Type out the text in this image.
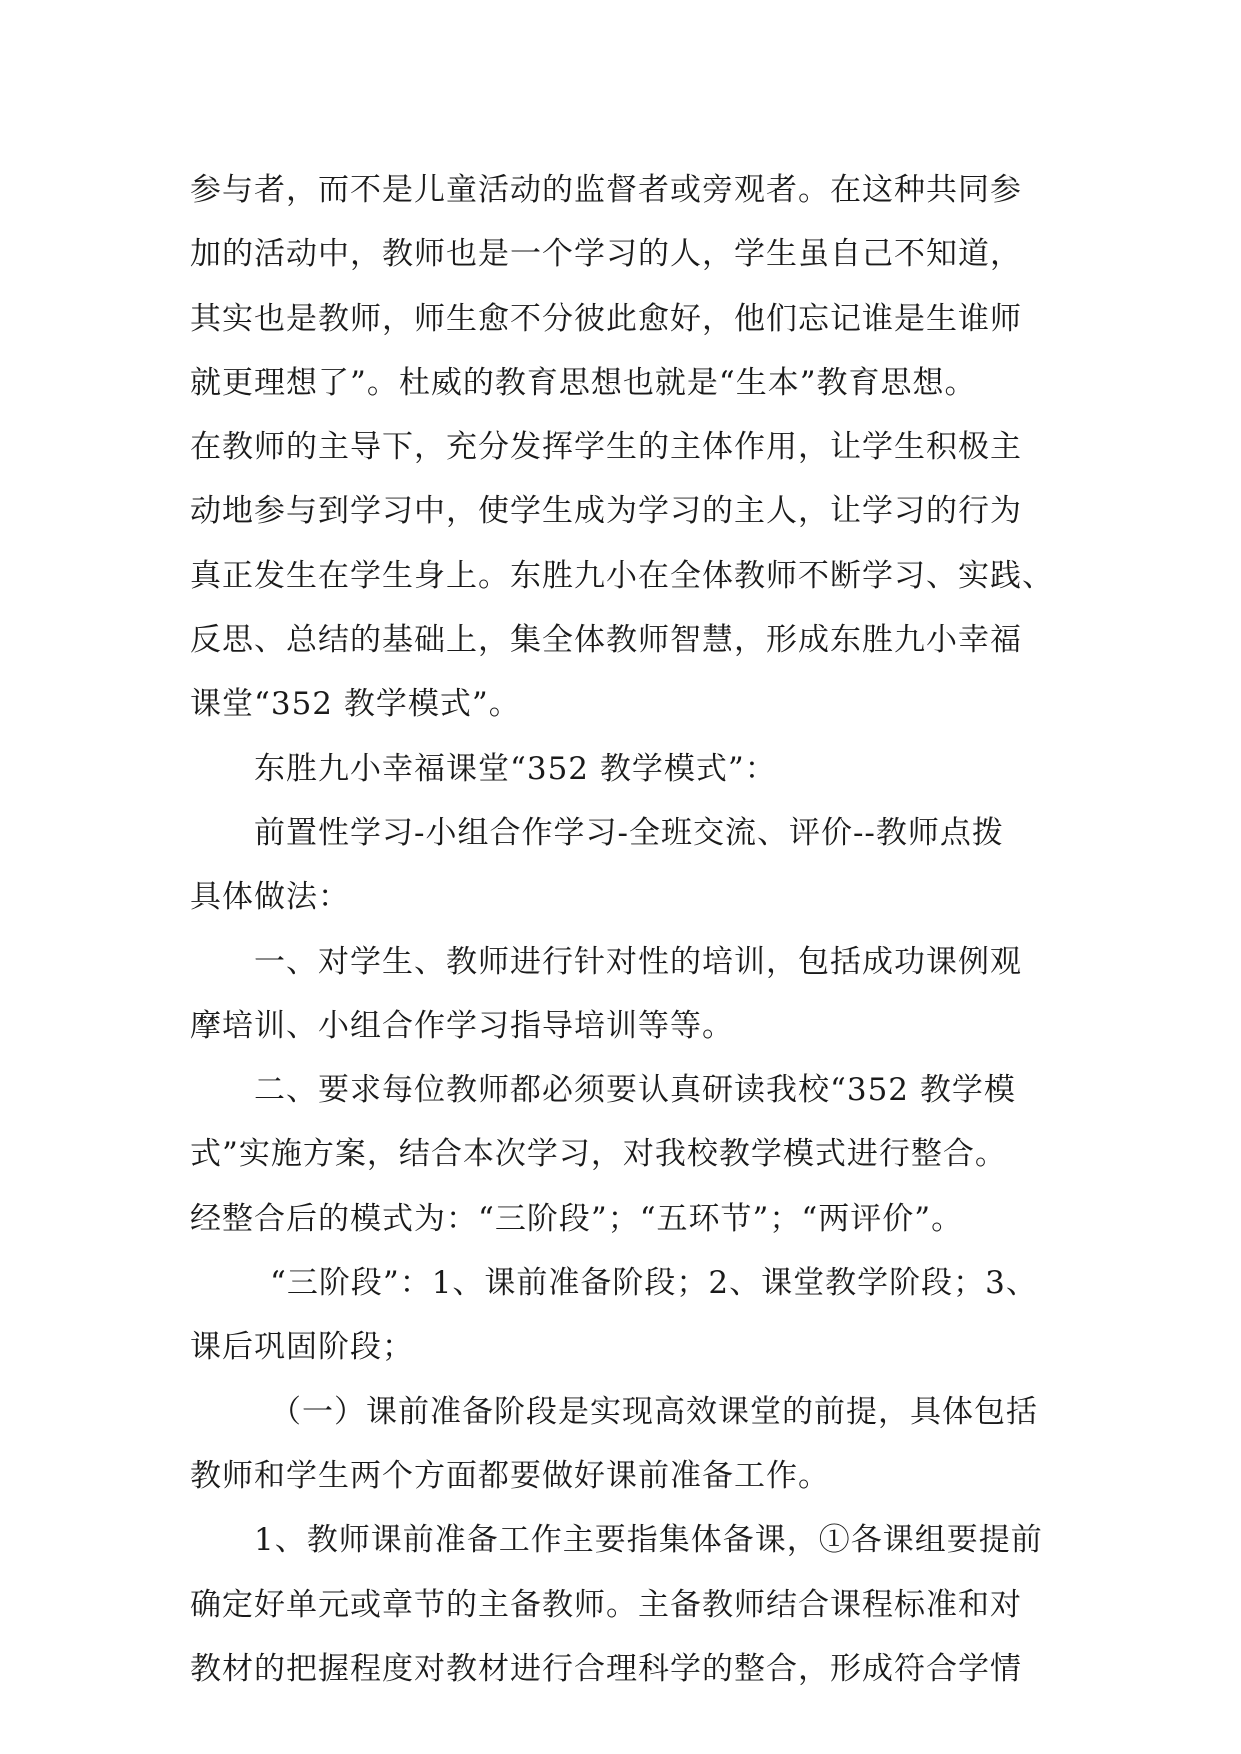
参与者，而不是儿童活动的监督者或旁观者。在这种共同参
加的活动中，教师也是一个学习的人，学生虽自己不知道，
其实也是教师，师生愈不分彼此愈好，他们忘记谁是生谁师
就更理想了”。杜威的教育思想也就是“生本”教育思想。
在教师的主导下，充分发挥学生的主体作用，让学生积极主
动地参与到学习中，使学生成为学习的主人，让学习的行为
真正发生在学生身上。东胜九小在全体教师不断学习、实践、
反思、总结的基础上，集全体教师智慧，形成东胜九小幸福
课堂“352 教学模式”。
东胜九小幸福课堂“352 教学模式”：
前置性学习-小组合作学习-全班交流、评价--教师点拨
具体做法：
一、对学生、教师进行针对性的培训，包括成功课例观
摩培训、小组合作学习指导培训等等。
二、要求每位教师都必须要认真研读我校“352 教学模
式”实施方案，结合本次学习，对我校教学模式进行整合。
经整合后的模式为：“三阶段”；“五环节”；“两评价”。
“三阶段”：1、课前准备阶段；2、课堂教学阶段；3、
课后巩固阶段；
（一）课前准备阶段是实现高效课堂的前提，具体包括
教师和学生两个方面都要做好课前准备工作。
1、教师课前准备工作主要指集体备课，①各课组要提前
确定好单元或章节的主备教师。主备教师结合课程标准和对
教材的把握程度对教材进行合理科学的整合，形成符合学情
